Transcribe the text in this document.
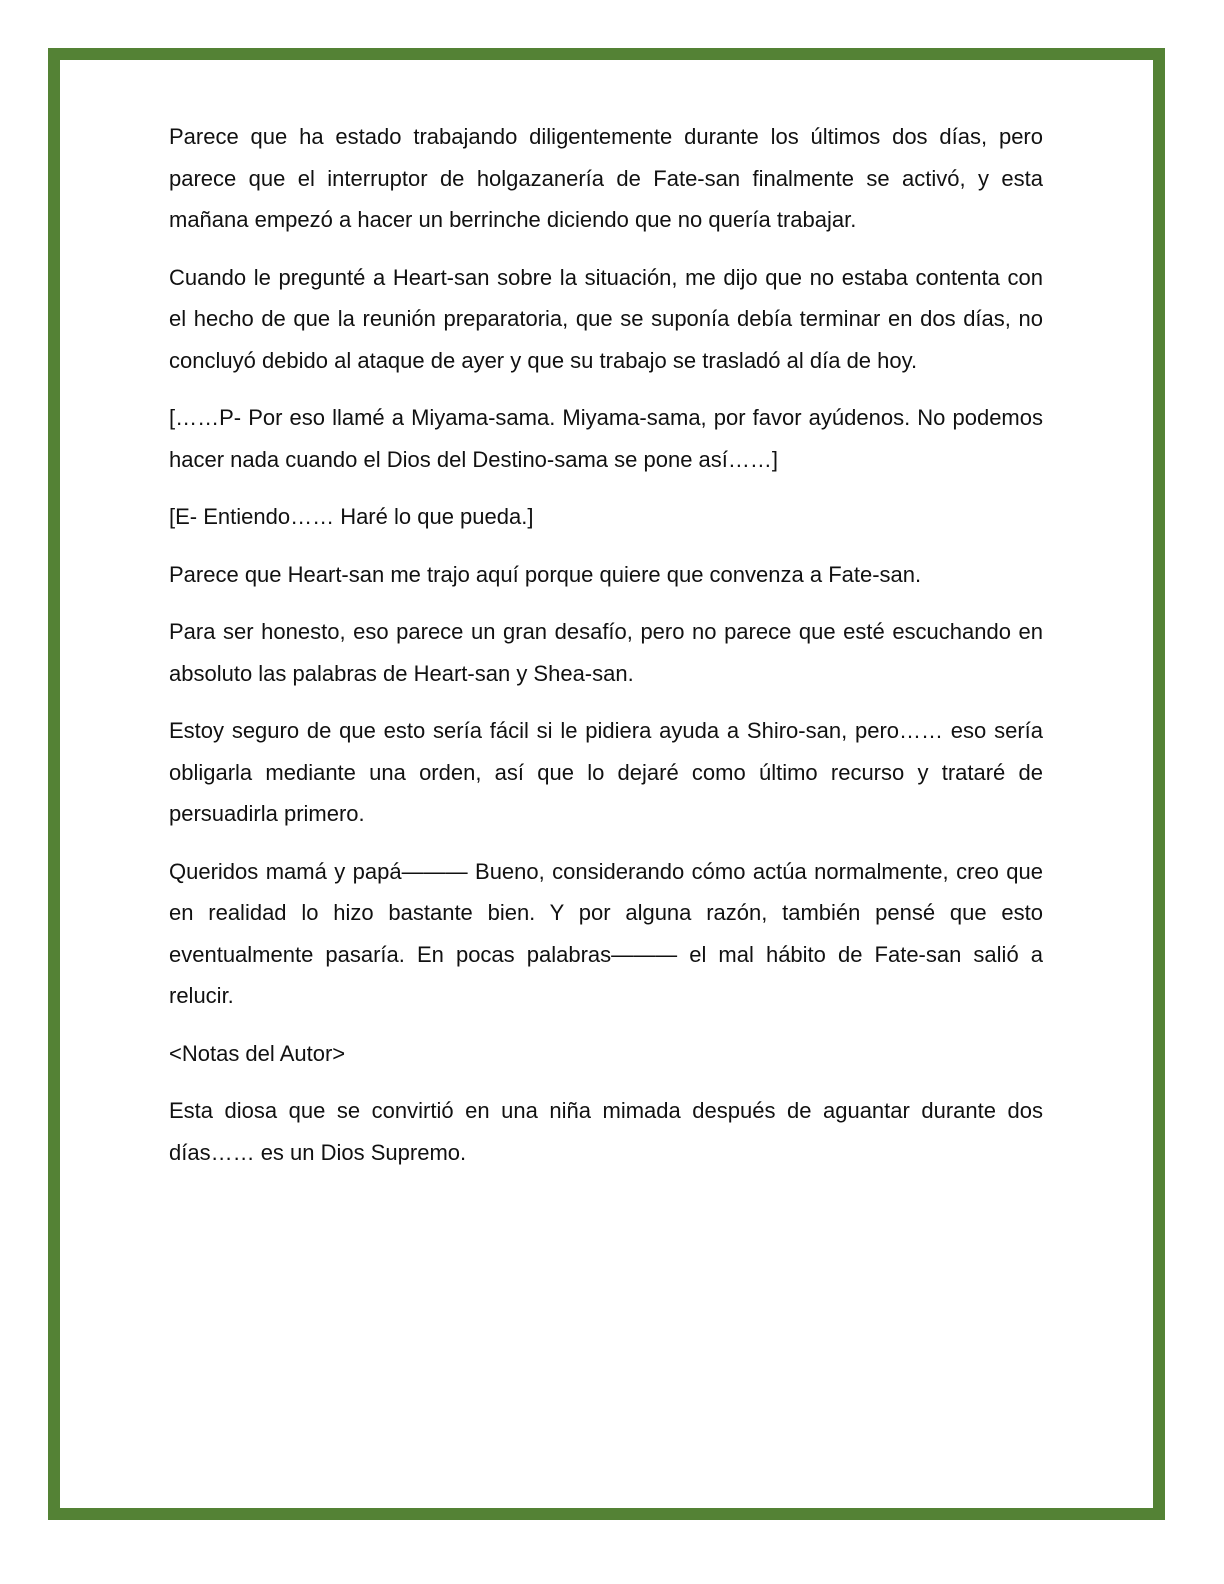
Parece que ha estado trabajando diligentemente durante los últimos dos días, pero parece que el interruptor de holgazanería de Fate-san finalmente se activó, y esta mañana empezó a hacer un berrinche diciendo que no quería trabajar.

Cuando le pregunté a Heart-san sobre la situación, me dijo que no estaba contenta con el hecho de que la reunión preparatoria, que se suponía debía terminar en dos días, no concluyó debido al ataque de ayer y que su trabajo se trasladó al día de hoy.

[……P- Por eso llamé a Miyama-sama. Miyama-sama, por favor ayúdenos. No podemos hacer nada cuando el Dios del Destino-sama se pone así……]

[E- Entiendo…… Haré lo que pueda.]

Parece que Heart-san me trajo aquí porque quiere que convenza a Fate-san.

Para ser honesto, eso parece un gran desafío, pero no parece que esté escuchando en absoluto las palabras de Heart-san y Shea-san.

Estoy seguro de que esto sería fácil si le pidiera ayuda a Shiro-san, pero…… eso sería obligarla mediante una orden, así que lo dejaré como último recurso y trataré de persuadirla primero.

Queridos mamá y papá——— Bueno, considerando cómo actúa normalmente, creo que en realidad lo hizo bastante bien. Y por alguna razón, también pensé que esto eventualmente pasaría. En pocas palabras——— el mal hábito de Fate-san salió a relucir.

<Notas del Autor>

Esta diosa que se convirtió en una niña mimada después de aguantar durante dos días…… es un Dios Supremo.
